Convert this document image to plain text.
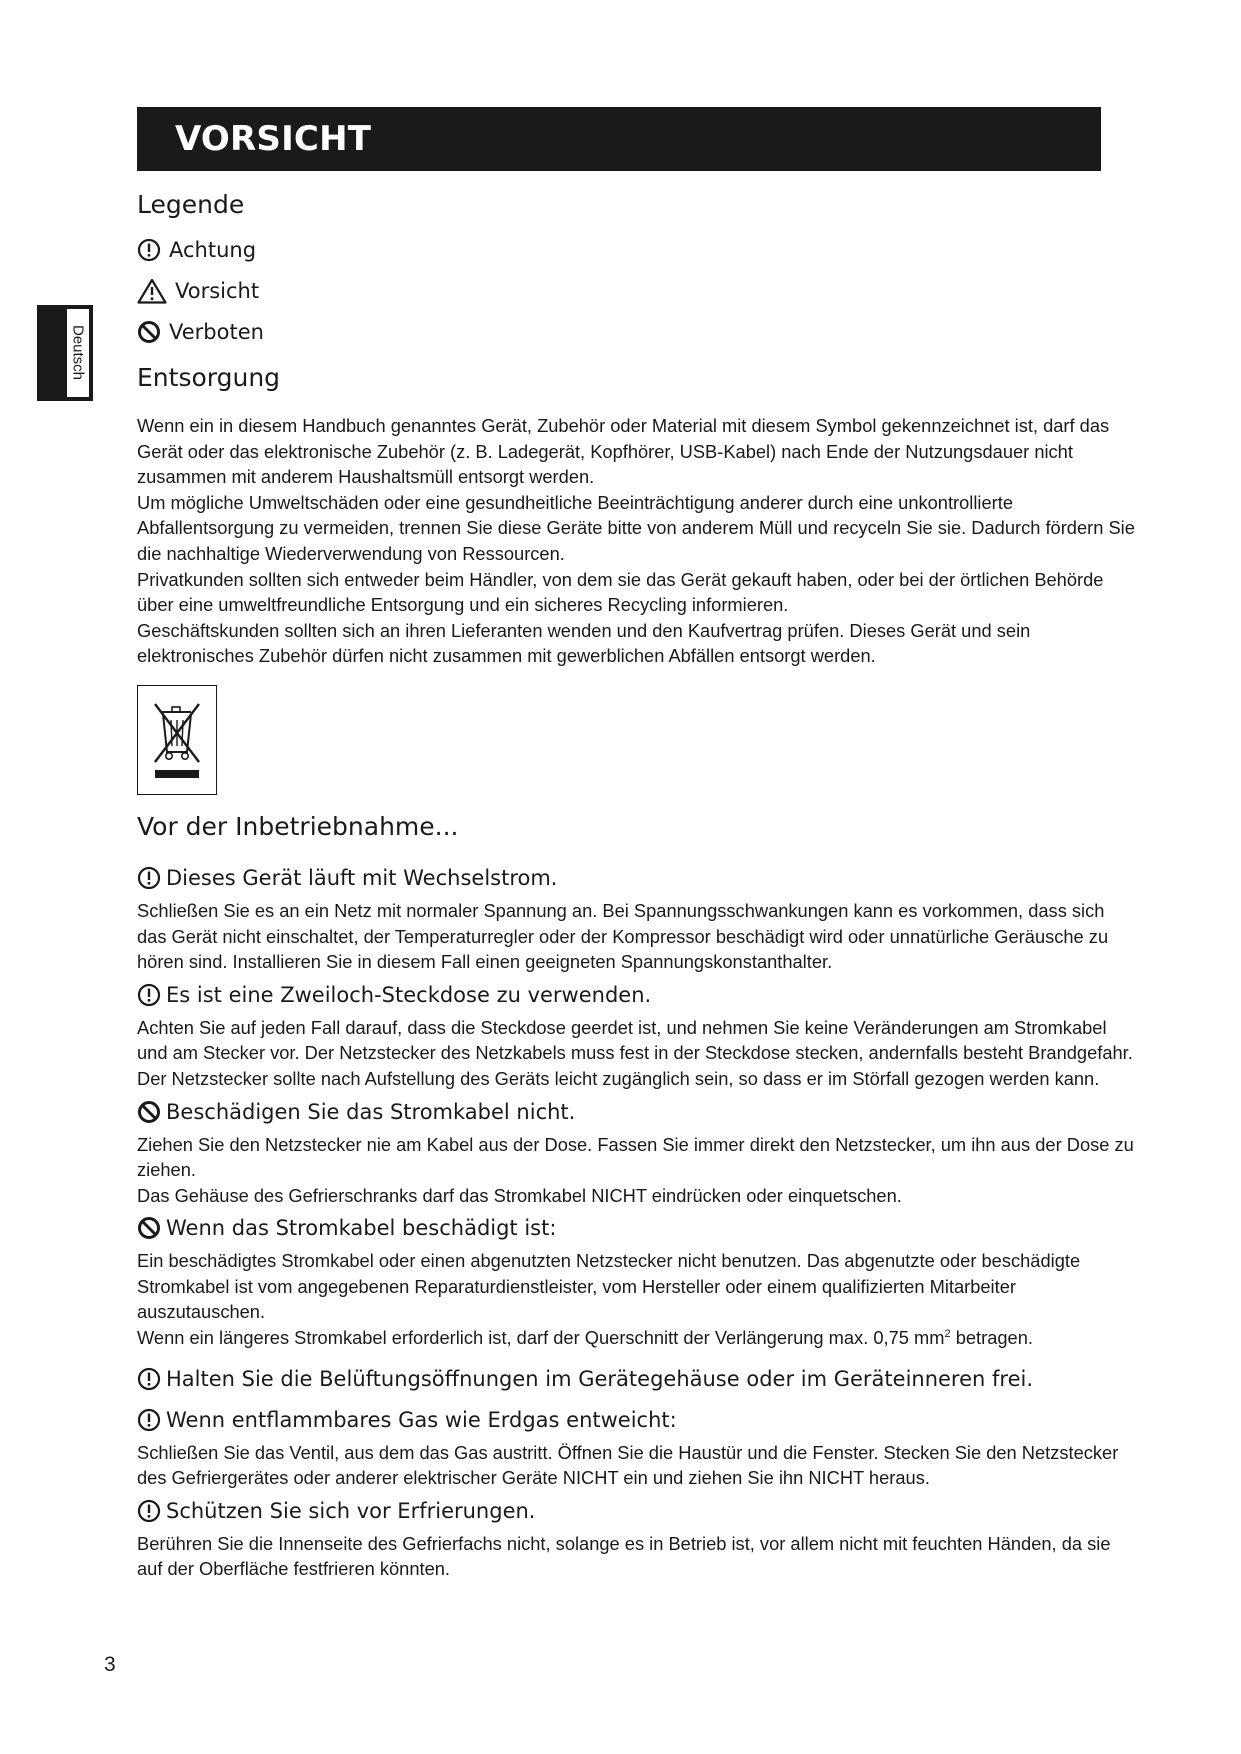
VORSICHT
Deutsch
Legende
Achtung
Vorsicht
Verboten
Entsorgung

Wenn ein in diesem Handbuch genanntes Gerät, Zubehör oder Material mit diesem Symbol gekennzeichnet ist, darf das Gerät oder das elektronische Zubehör (z. B. Ladegerät, Kopfhörer, USB-Kabel) nach Ende der Nutzungsdauer nicht zusammen mit anderem Haushaltsmüll entsorgt werden.

Um mögliche Umweltschäden oder eine gesundheitliche Beeinträchtigung anderer durch eine unkontrollierte Abfallentsorgung zu vermeiden, trennen Sie diese Geräte bitte von anderem Müll und recyceln Sie sie. Dadurch fördern Sie die nachhaltige Wiederverwendung von Ressourcen.

Privatkunden sollten sich entweder beim Händler, von dem sie das Gerät gekauft haben, oder bei der örtlichen Behörde über eine umweltfreundliche Entsorgung und ein sicheres Recycling informieren.

Geschäftskunden sollten sich an ihren Lieferanten wenden und den Kaufvertrag prüfen. Dieses Gerät und sein elektronisches Zubehör dürfen nicht zusammen mit gewerblichen Abfällen entsorgt werden.

Vor der Inbetriebnahme...
Dieses Gerät läuft mit Wechselstrom.

Schließen Sie es an ein Netz mit normaler Spannung an. Bei Spannungsschwankungen kann es vorkommen, dass sich das Gerät nicht einschaltet, der Temperaturregler oder der Kompressor beschädigt wird oder unnatürliche Geräusche zu hören sind. Installieren Sie in diesem Fall einen geeigneten Spannungskonstanthalter.

Es ist eine Zweiloch-Steckdose zu verwenden.

Achten Sie auf jeden Fall darauf, dass die Steckdose geerdet ist, und nehmen Sie keine Veränderungen am Stromkabel und am Stecker vor. Der Netzstecker des Netzkabels muss fest in der Steckdose stecken, andernfalls besteht Brandgefahr. Der Netzstecker sollte nach Aufstellung des Geräts leicht zugänglich sein, so dass er im Störfall gezogen werden kann.

Beschädigen Sie das Stromkabel nicht.

Ziehen Sie den Netzstecker nie am Kabel aus der Dose. Fassen Sie immer direkt den Netzstecker, um ihn aus der Dose zu ziehen.

Das Gehäuse des Gefrierschranks darf das Stromkabel NICHT eindrücken oder einquetschen.

Wenn das Stromkabel beschädigt ist:

Ein beschädigtes Stromkabel oder einen abgenutzten Netzstecker nicht benutzen. Das abgenutzte oder beschädigte Stromkabel ist vom angegebenen Reparaturdienstleister, vom Hersteller oder einem qualifizierten Mitarbeiter auszutauschen.

Wenn ein längeres Stromkabel erforderlich ist, darf der Querschnitt der Verlängerung max. 0,75 $mm^2$ betragen.

Halten Sie die Belüftungsöffnungen im Gerätegehäuse oder im Geräteinneren frei.
Wenn entflammbares Gas wie Erdgas entweicht:

Schließen Sie das Ventil, aus dem das Gas austritt. Öffnen Sie die Haustür und die Fenster. Stecken Sie den Netzstecker des Gefriergerätes oder anderer elektrischer Geräte NICHT ein und ziehen Sie ihn NICHT heraus.

Schützen Sie sich vor Erfrierungen.

Berühren Sie die Innenseite des Gefrierfachs nicht, solange es in Betrieb ist, vor allem nicht mit feuchten Händen, da sie auf der Oberfläche festfrieren könnten.

3
